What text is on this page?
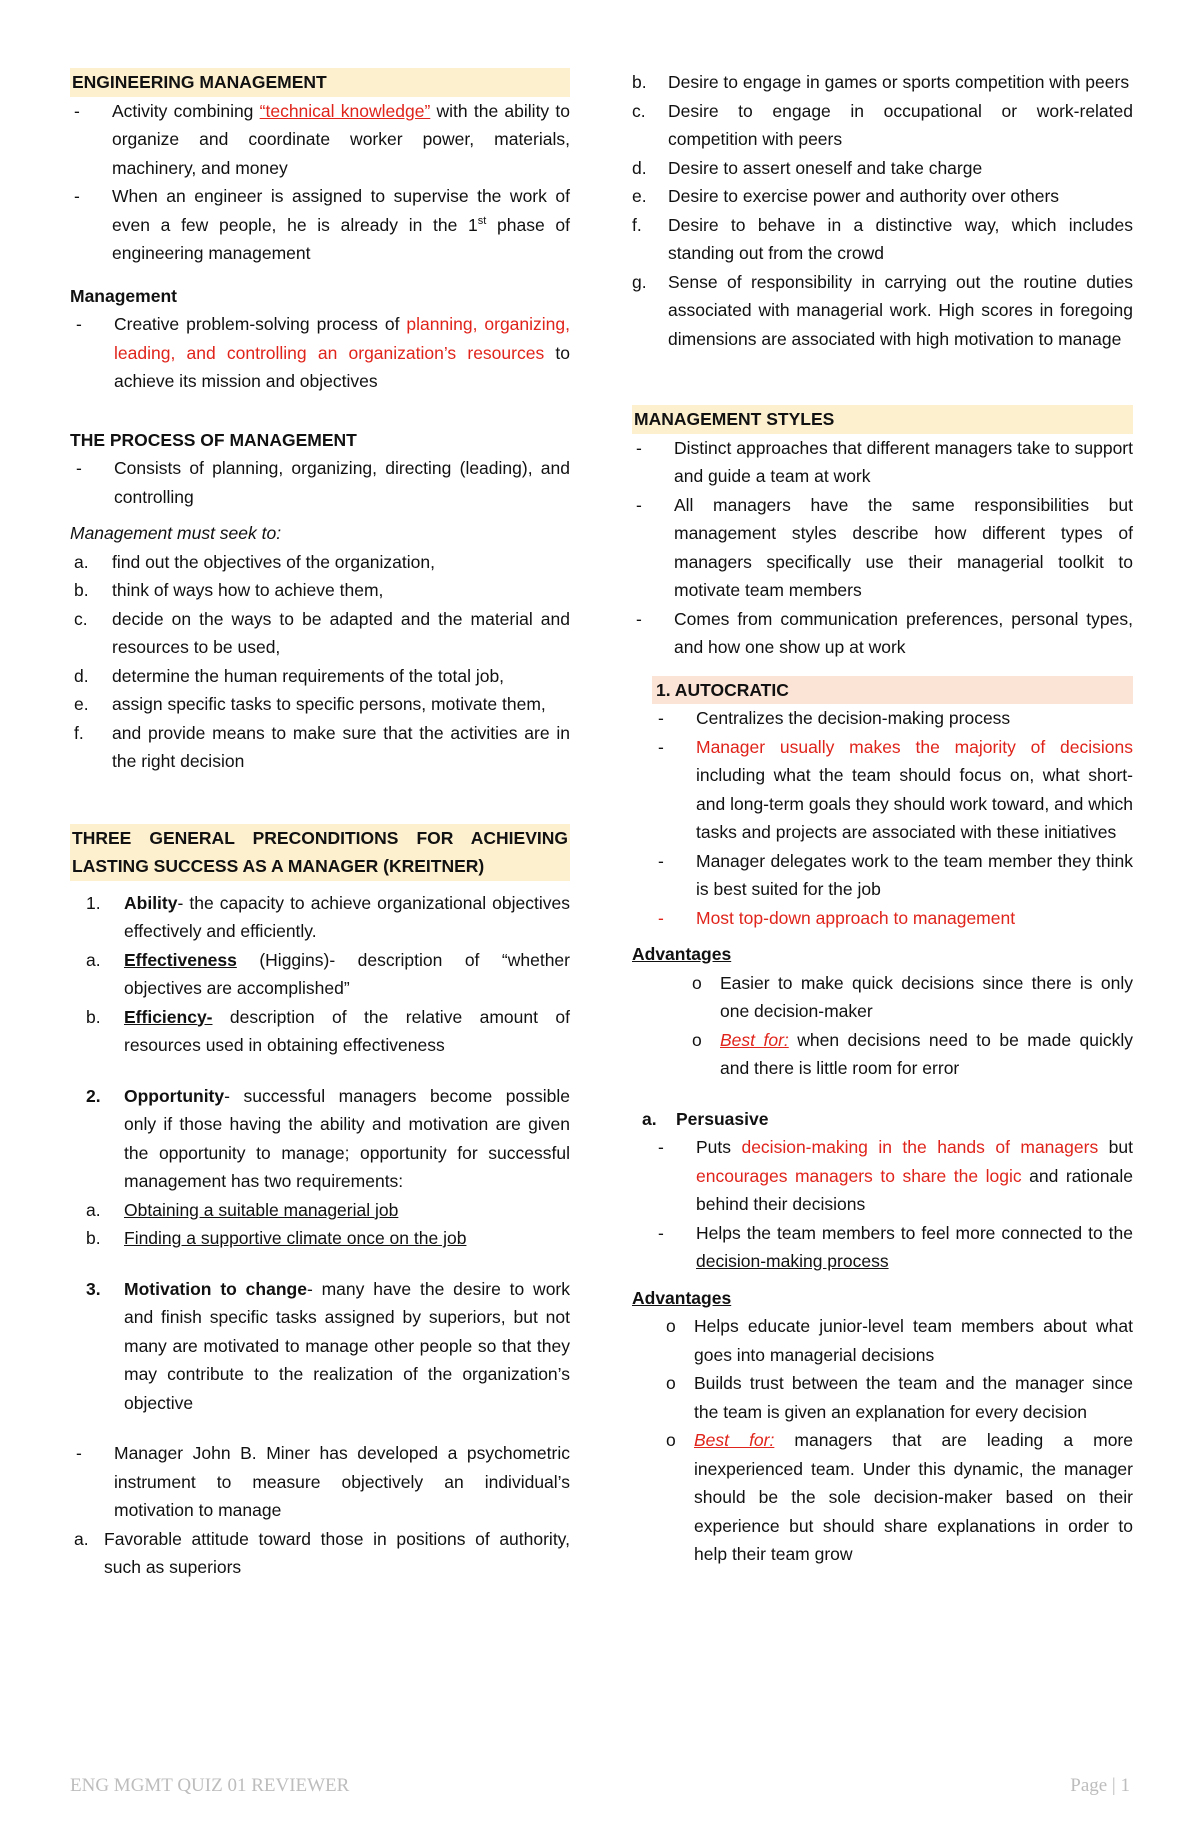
ENGINEERING MANAGEMENT
-	Activity combining “technical knowledge” with the ability to organize and coordinate worker power, materials, machinery, and money
-	When an engineer is assigned to supervise the work of even a few people, he is already in the 1st phase of engineering management
Management
-	Creative problem-solving process of planning, organizing, leading, and controlling an organization’s resources to achieve its mission and objectives
THE PROCESS OF MANAGEMENT
-	Consists of planning, organizing, directing (leading), and controlling
Management must seek to:
a.	find out the objectives of the organization,
b.	think of ways how to achieve them,
c.	decide on the ways to be adapted and the material and resources to be used,
d.	determine the human requirements of the total job,
e.	assign specific tasks to specific persons, motivate them,
f.	and provide means to make sure that the activities are in the right decision
THREE GENERAL PRECONDITIONS FOR ACHIEVING LASTING SUCCESS AS A MANAGER (KREITNER)
1.	Ability- the capacity to achieve organizational objectives effectively and efficiently.
a.	Effectiveness (Higgins)- description of “whether objectives are accomplished”
b.	Efficiency- description of the relative amount of resources used in obtaining effectiveness
2.	Opportunity- successful managers become possible only if those having the ability and motivation are given the opportunity to manage; opportunity for successful management has two requirements:
a.	Obtaining a suitable managerial job
b.	Finding a supportive climate once on the job
3.	Motivation to change- many have the desire to work and finish specific tasks assigned by superiors, but not many are motivated to manage other people so that they may contribute to the realization of the organization’s objective
-	Manager John B. Miner has developed a psychometric instrument to measure objectively an individual’s motivation to manage
a. Favorable attitude toward those in positions of authority, such as superiors
b.	Desire to engage in games or sports competition with peers
c.	Desire to engage in occupational or work-related competition with peers
d.	Desire to assert oneself and take charge
e.	Desire to exercise power and authority over others
f.	Desire to behave in a distinctive way, which includes standing out from the crowd
g.	Sense of responsibility in carrying out the routine duties associated with managerial work. High scores in foregoing dimensions are associated with high motivation to manage
MANAGEMENT STYLES
-	Distinct approaches that different managers take to support and guide a team at work
-	All managers have the same responsibilities but management styles describe how different types of managers specifically use their managerial toolkit to motivate team members
-	Comes from communication preferences, personal types, and how one show up at work
1. AUTOCRATIC
-	Centralizes the decision-making process
-	Manager usually makes the majority of decisions including what the team should focus on, what short- and long-term goals they should work toward, and which tasks and projects are associated with these initiatives
-	Manager delegates work to the team member they think is best suited for the job
-	Most top-down approach to management
Advantages
o	Easier to make quick decisions since there is only one decision-maker
o	Best for: when decisions need to be made quickly and there is little room for error
a.	Persuasive
-	Puts decision-making in the hands of managers but encourages managers to share the logic and rationale behind their decisions
-	Helps the team members to feel more connected to the decision-making process
Advantages
o	Helps educate junior-level team members about what goes into managerial decisions
o	Builds trust between the team and the manager since the team is given an explanation for every decision
o	Best for: managers that are leading a more inexperienced team. Under this dynamic, the manager should be the sole decision-maker based on their experience but should share explanations in order to help their team grow
ENG MGMT QUIZ 01 REVIEWER	Page | 1
